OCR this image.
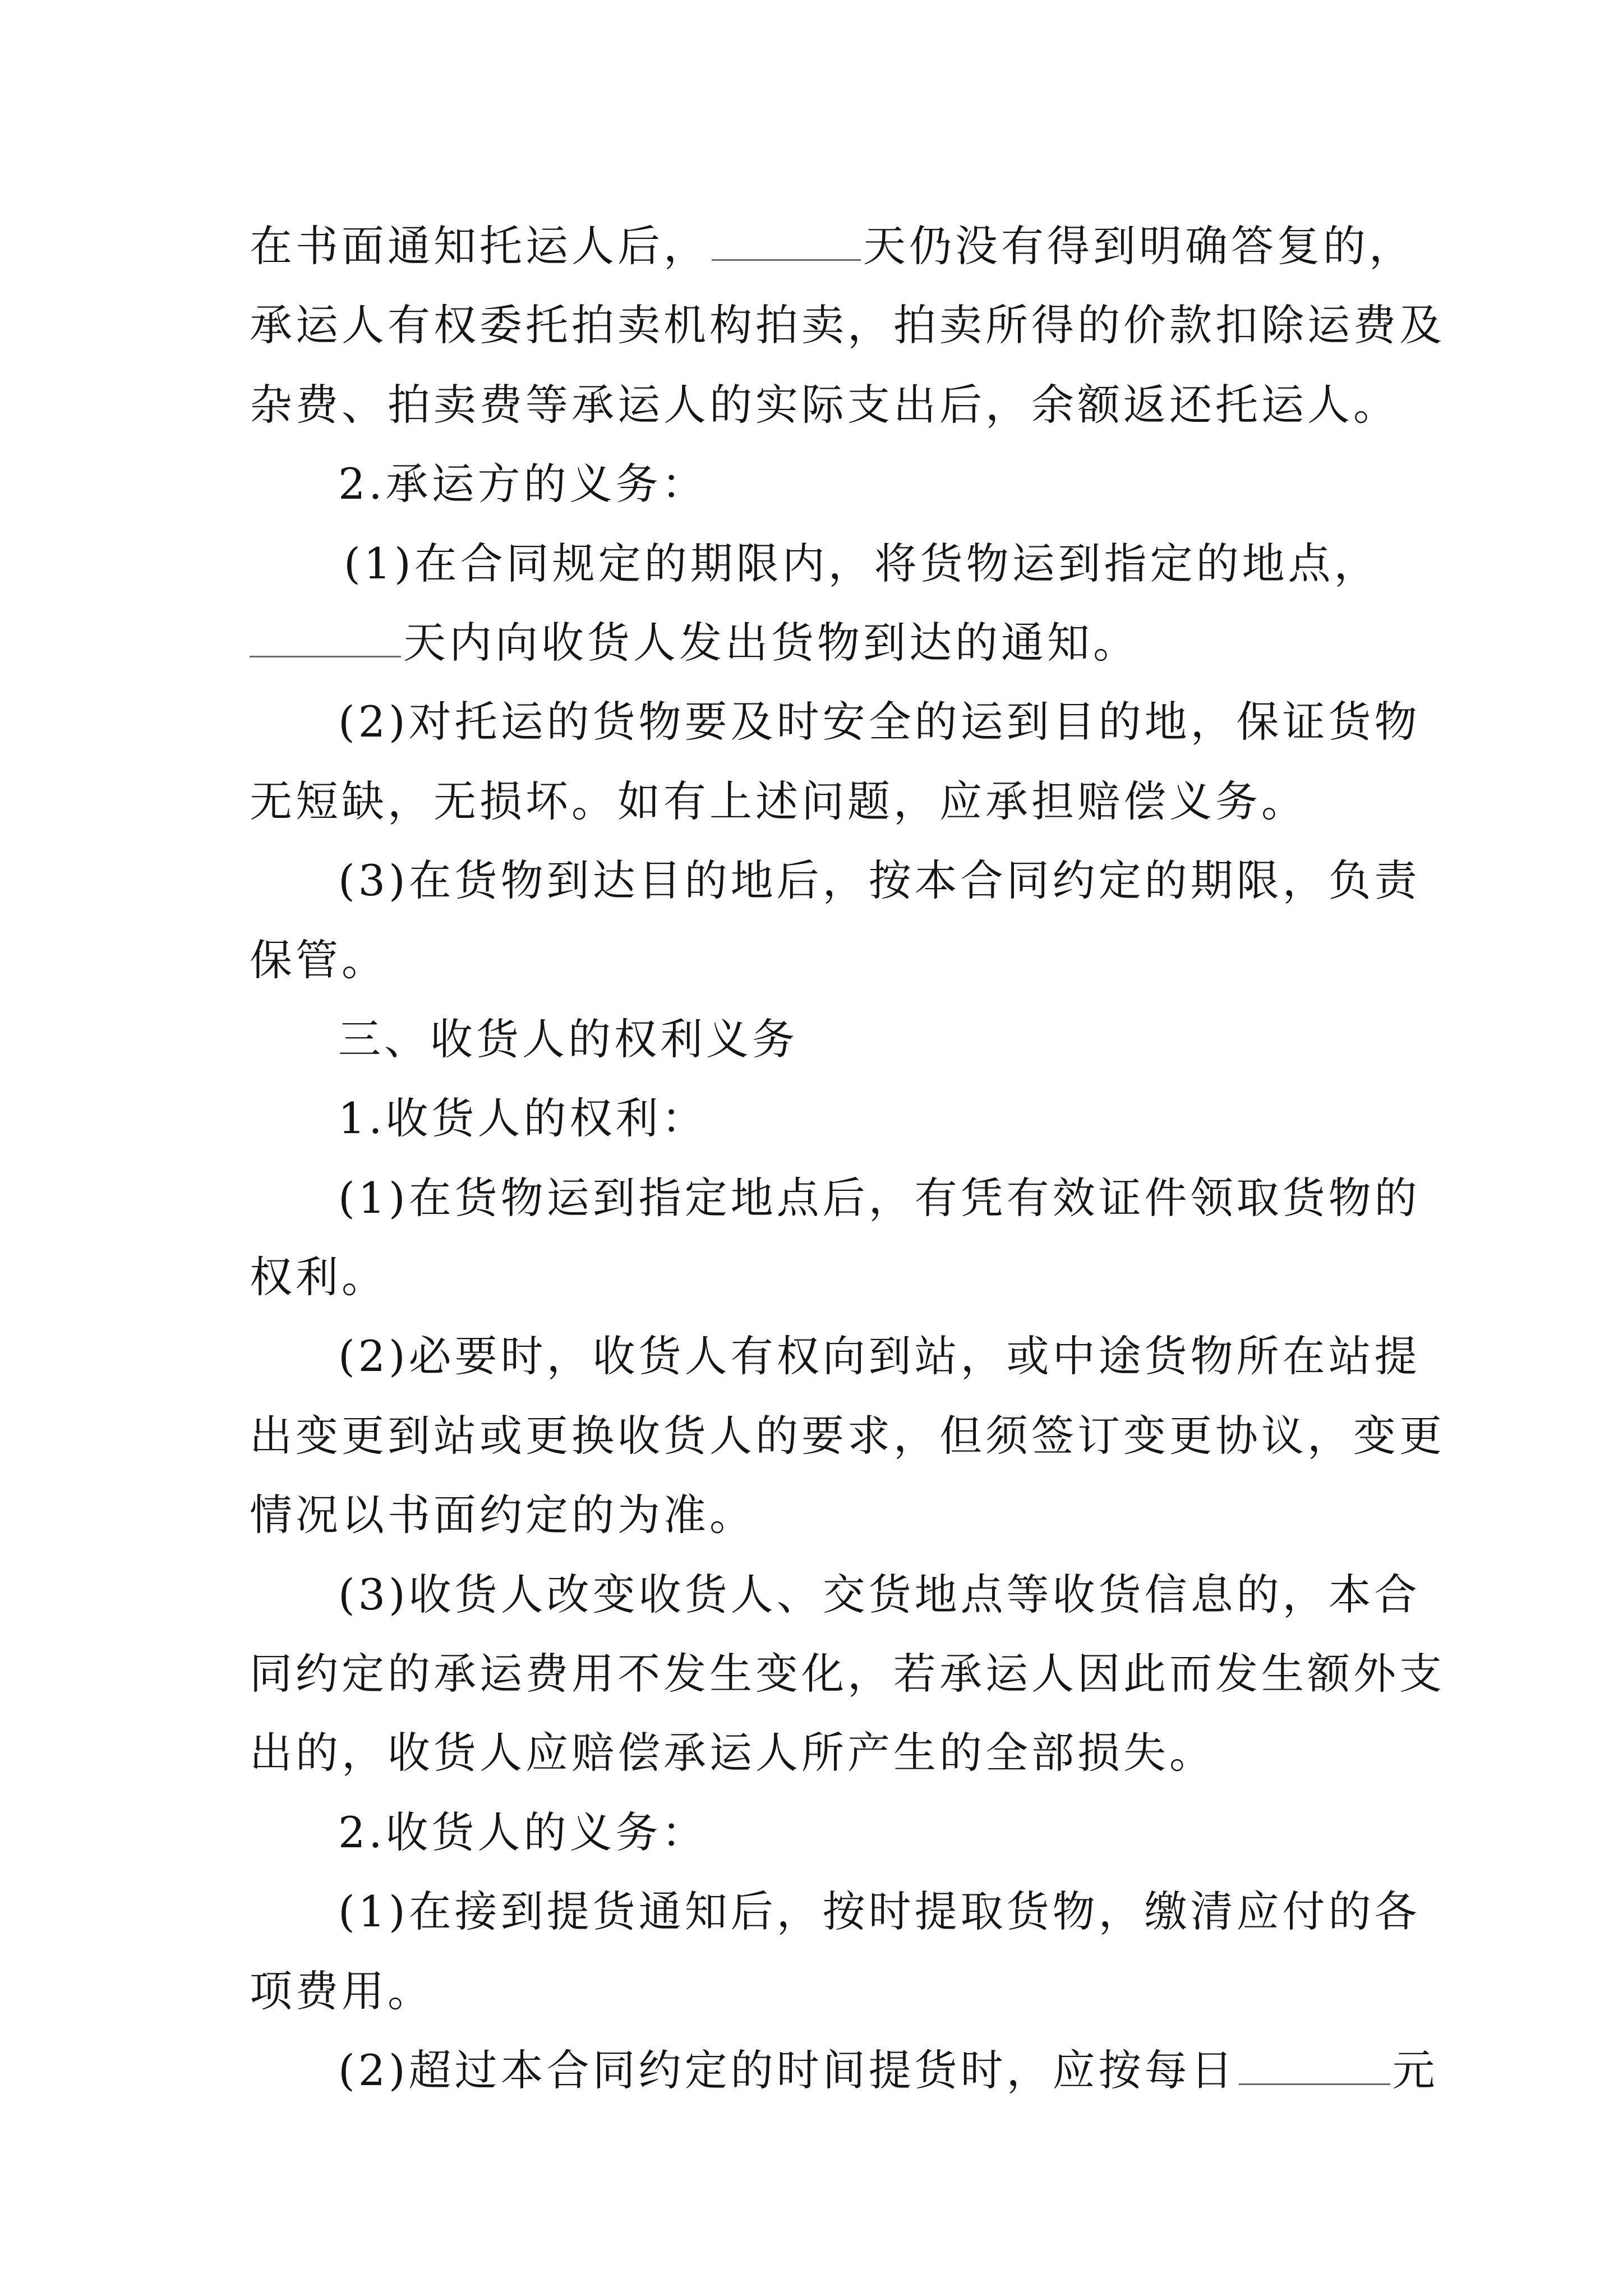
在书面通知托运人后，	天仍没有得到明确答复的，
承运人有权委托拍卖机构拍卖，拍卖所得的价款扣除运费及
杂费、拍卖费等承运人的实际支出后，余额返还托运人。
2.承运方的义务：
(1)在合同规定的期限内，将货物运到指定的地点，
天内向收货人发出货物到达的通知。
(2)对托运的货物要及时安全的运到目的地，保证货物
无短缺，无损坏。如有上述问题，应承担赔偿义务。
(3)在货物到达目的地后，按本合同约定的期限，负责
保管。
三、收货人的权利义务
1.收货人的权利：
(1)在货物运到指定地点后，有凭有效证件领取货物的
权利。
(2)必要时，收货人有权向到站，或中途货物所在站提
出变更到站或更换收货人的要求，但须签订变更协议，变更
情况以书面约定的为准。
(3)收货人改变收货人、交货地点等收货信息的，本合
同约定的承运费用不发生变化，若承运人因此而发生额外支
出的，收货人应赔偿承运人所产生的全部损失。
2.收货人的义务：
(1)在接到提货通知后，按时提取货物，缴清应付的各
项费用。
(2)超过本合同约定的时间提货时，应按每日	元
